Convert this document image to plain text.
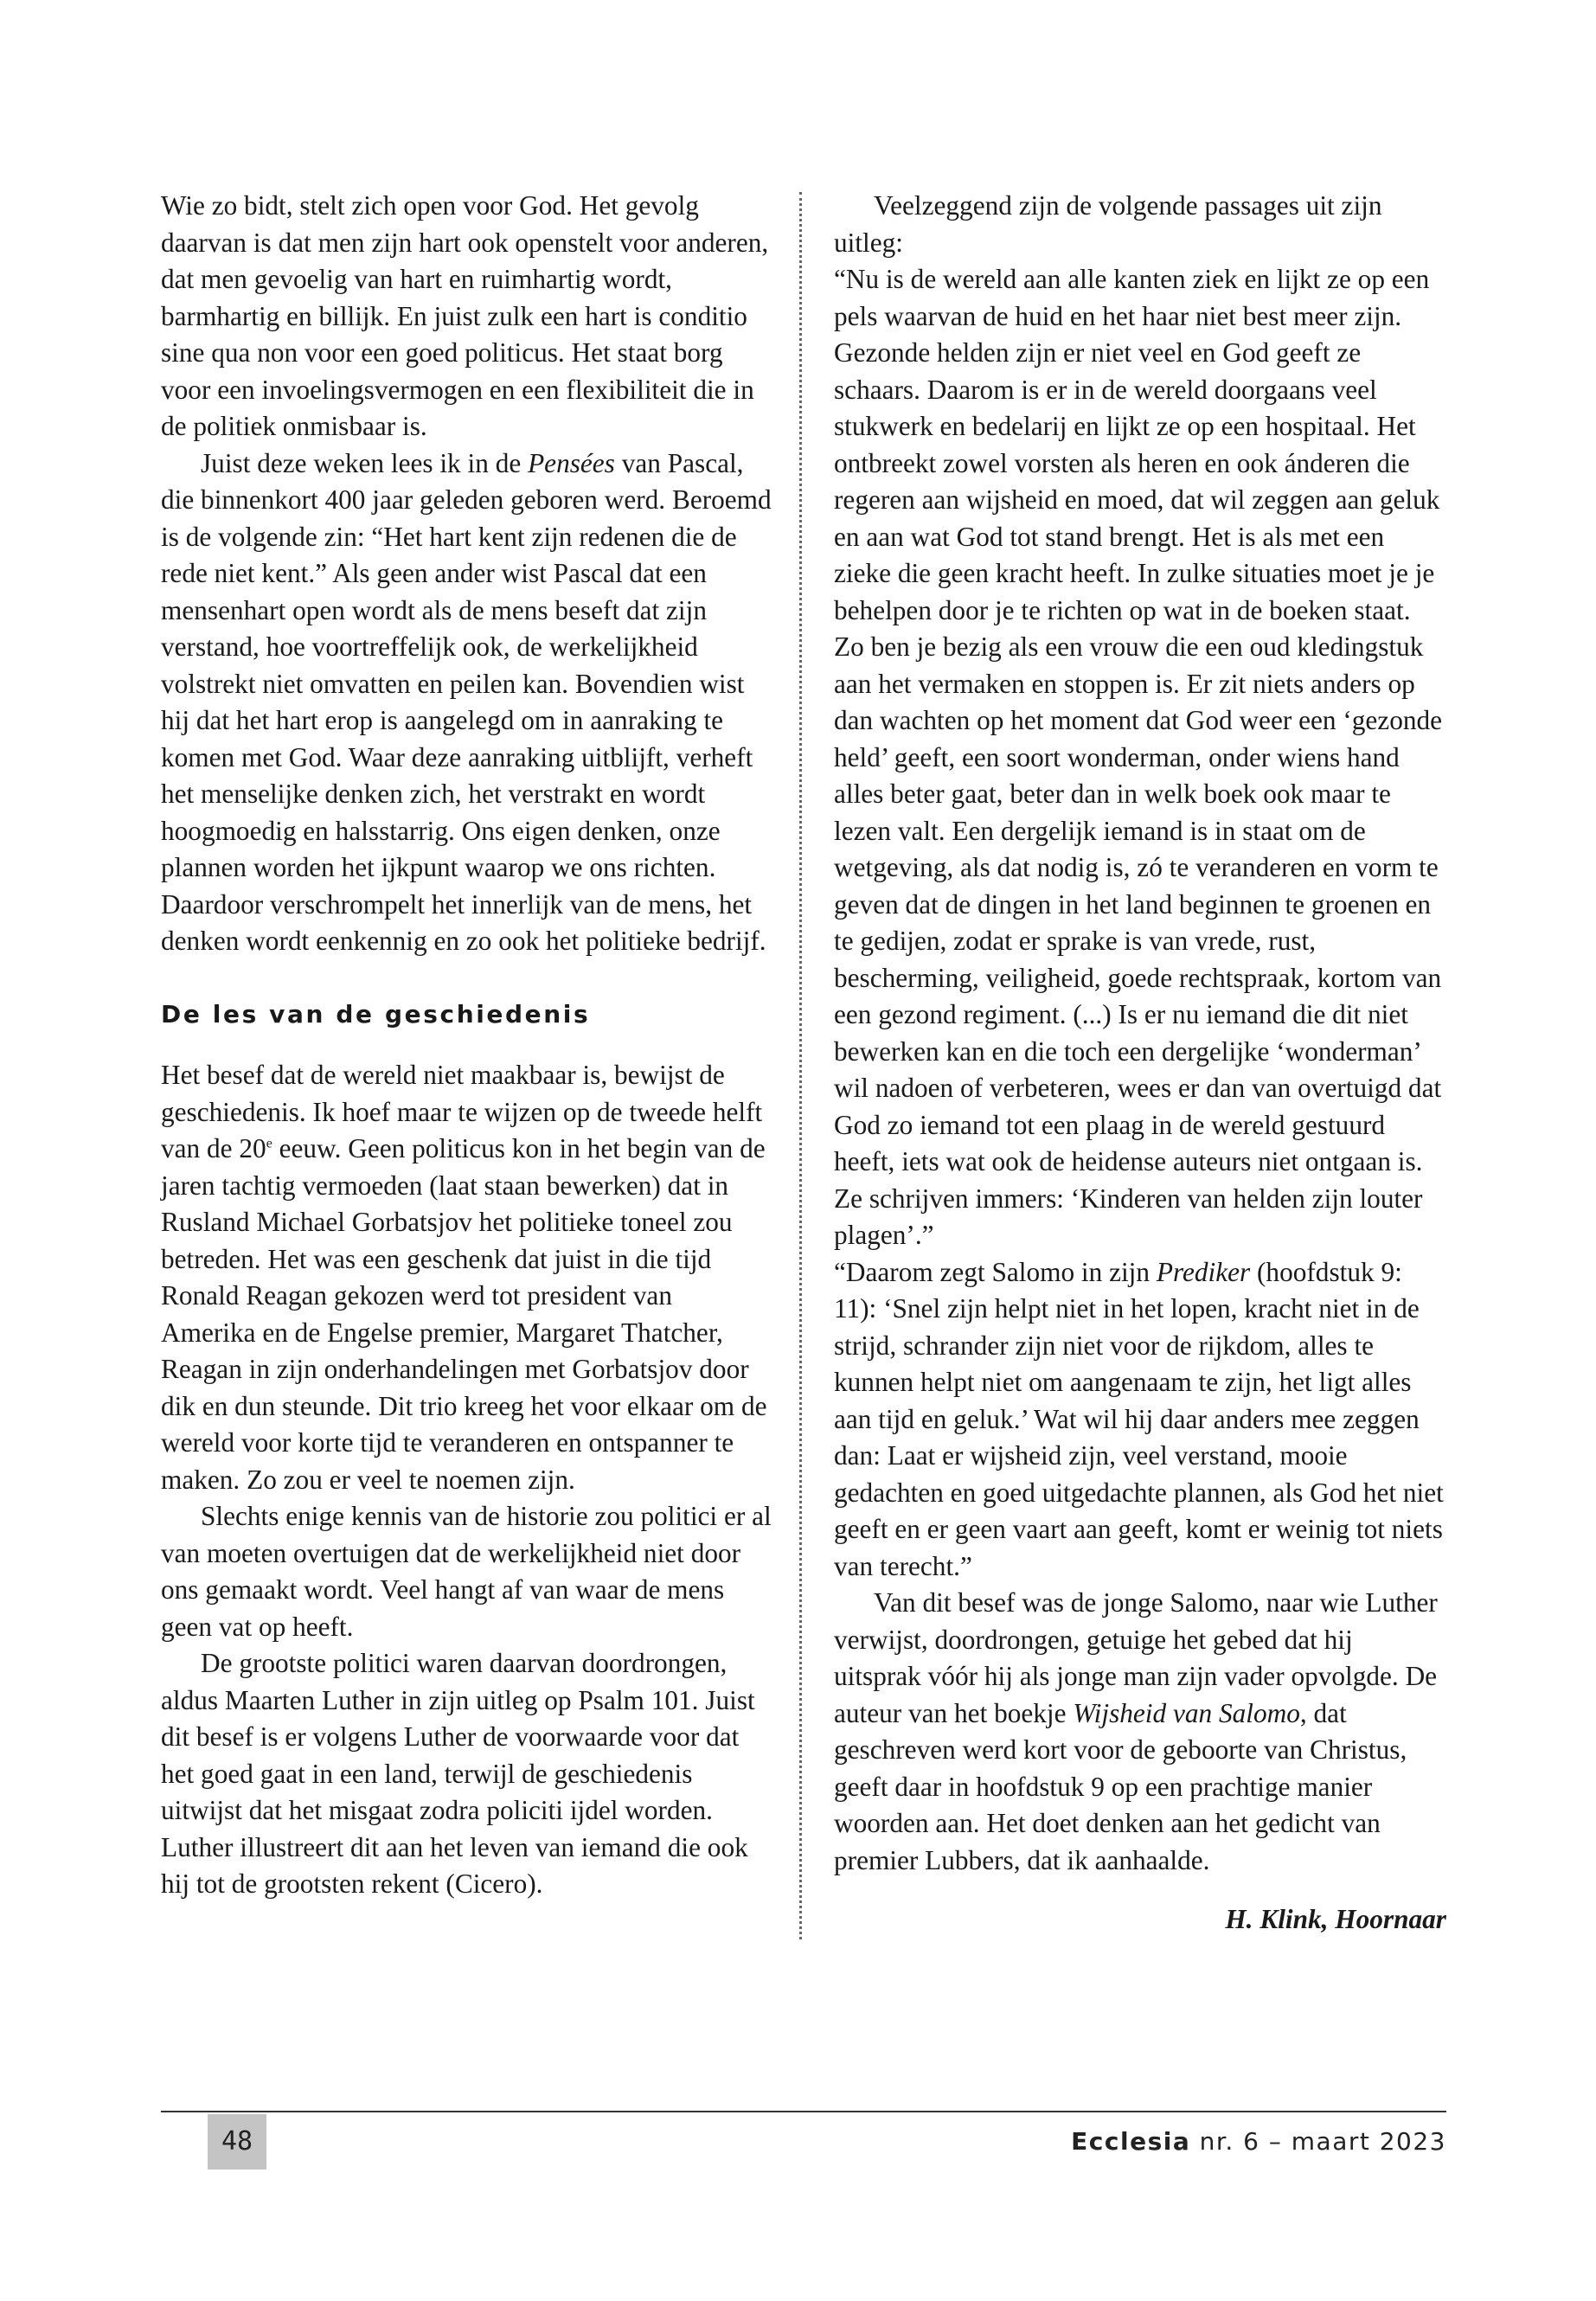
Wie zo bidt, stelt zich open voor God. Het gevolg daarvan is dat men zijn hart ook openstelt voor anderen, dat men gevoelig van hart en ruimhartig wordt, barmhartig en billijk. En juist zulk een hart is conditio sine qua non voor een goed politicus. Het staat borg voor een invoelingsvermogen en een flexibiliteit die in de politiek onmisbaar is.

Juist deze weken lees ik in de Pensées van Pascal, die binnenkort 400 jaar geleden geboren werd. Beroemd is de volgende zin: “Het hart kent zijn redenen die de rede niet kent.” Als geen ander wist Pascal dat een mensenhart open wordt als de mens beseft dat zijn verstand, hoe voortreffelijk ook, de werkelijkheid volstrekt niet omvatten en peilen kan. Bovendien wist hij dat het hart erop is aangelegd om in aanraking te komen met God. Waar deze aanraking uitblijft, verheft het menselijke denken zich, het verstrakt en wordt hoogmoedig en halsstarrig. Ons eigen denken, onze plannen worden het ijkpunt waarop we ons richten. Daardoor verschrompelt het innerlijk van de mens, het denken wordt eenkennig en zo ook het politieke bedrijf.

De les van de geschiedenis

Het besef dat de wereld niet maakbaar is, bewijst de geschiedenis. Ik hoef maar te wijzen op de tweede helft van de 20e eeuw. Geen politicus kon in het begin van de jaren tachtig vermoeden (laat staan bewerken) dat in Rusland Michael Gorbatsjov het politieke toneel zou betreden. Het was een geschenk dat juist in die tijd Ronald Reagan gekozen werd tot president van Amerika en de Engelse premier, Margaret Thatcher, Reagan in zijn onderhandelingen met Gorbatsjov door dik en dun steunde. Dit trio kreeg het voor elkaar om de wereld voor korte tijd te veranderen en ontspanner te maken. Zo zou er veel te noemen zijn.

Slechts enige kennis van de historie zou politici er al van moeten overtuigen dat de werkelijkheid niet door ons gemaakt wordt. Veel hangt af van waar de mens geen vat op heeft.

De grootste politici waren daarvan doordrongen, aldus Maarten Luther in zijn uitleg op Psalm 101. Juist dit besef is er volgens Luther de voorwaarde voor dat het goed gaat in een land, terwijl de geschiedenis uitwijst dat het misgaat zodra policiti ijdel worden. Luther illustreert dit aan het leven van iemand die ook hij tot de grootsten rekent (Cicero).

Veelzeggend zijn de volgende passages uit zijn uitleg:

“Nu is de wereld aan alle kanten ziek en lijkt ze op een pels waarvan de huid en het haar niet best meer zijn. Gezonde helden zijn er niet veel en God geeft ze schaars. Daarom is er in de wereld doorgaans veel stukwerk en bedelarij en lijkt ze op een hospitaal. Het ontbreekt zowel vorsten als heren en ook ánderen die regeren aan wijsheid en moed, dat wil zeggen aan geluk en aan wat God tot stand brengt. Het is als met een zieke die geen kracht heeft. In zulke situaties moet je je behelpen door je te richten op wat in de boeken staat. Zo ben je bezig als een vrouw die een oud kledingstuk aan het vermaken en stoppen is. Er zit niets anders op dan wachten op het moment dat God weer een ‘gezonde held’ geeft, een soort wonderman, onder wiens hand alles beter gaat, beter dan in welk boek ook maar te lezen valt. Een dergelijk iemand is in staat om de wetgeving, als dat nodig is, zó te veranderen en vorm te geven dat de dingen in het land beginnen te groenen en te gedijen, zodat er sprake is van vrede, rust, bescherming, veiligheid, goede rechtspraak, kortom van een gezond regiment. (...) Is er nu iemand die dit niet bewerken kan en die toch een dergelijke ‘wonderman’ wil nadoen of verbeteren, wees er dan van overtuigd dat God zo iemand tot een plaag in de wereld gestuurd heeft, iets wat ook de heidense auteurs niet ontgaan is. Ze schrijven immers: ‘Kinderen van helden zijn louter plagen’.”

“Daarom zegt Salomo in zijn Prediker (hoofdstuk 9: 11): ‘Snel zijn helpt niet in het lopen, kracht niet in de strijd, schrander zijn niet voor de rijkdom, alles te kunnen helpt niet om aangenaam te zijn, het ligt alles aan tijd en geluk.’ Wat wil hij daar anders mee zeggen dan: Laat er wijsheid zijn, veel verstand, mooie gedachten en goed uitgedachte plannen, als God het niet geeft en er geen vaart aan geeft, komt er weinig tot niets van terecht.”

Van dit besef was de jonge Salomo, naar wie Luther verwijst, doordrongen, getuige het gebed dat hij uitsprak vóór hij als jonge man zijn vader opvolgde. De auteur van het boekje Wijsheid van Salomo, dat geschreven werd kort voor de geboorte van Christus, geeft daar in hoofdstuk 9 op een prachtige manier woorden aan. Het doet denken aan het gedicht van premier Lubbers, dat ik aanhaalde.

H. Klink, Hoornaar
48	Ecclesia nr. 6 – maart 2023
